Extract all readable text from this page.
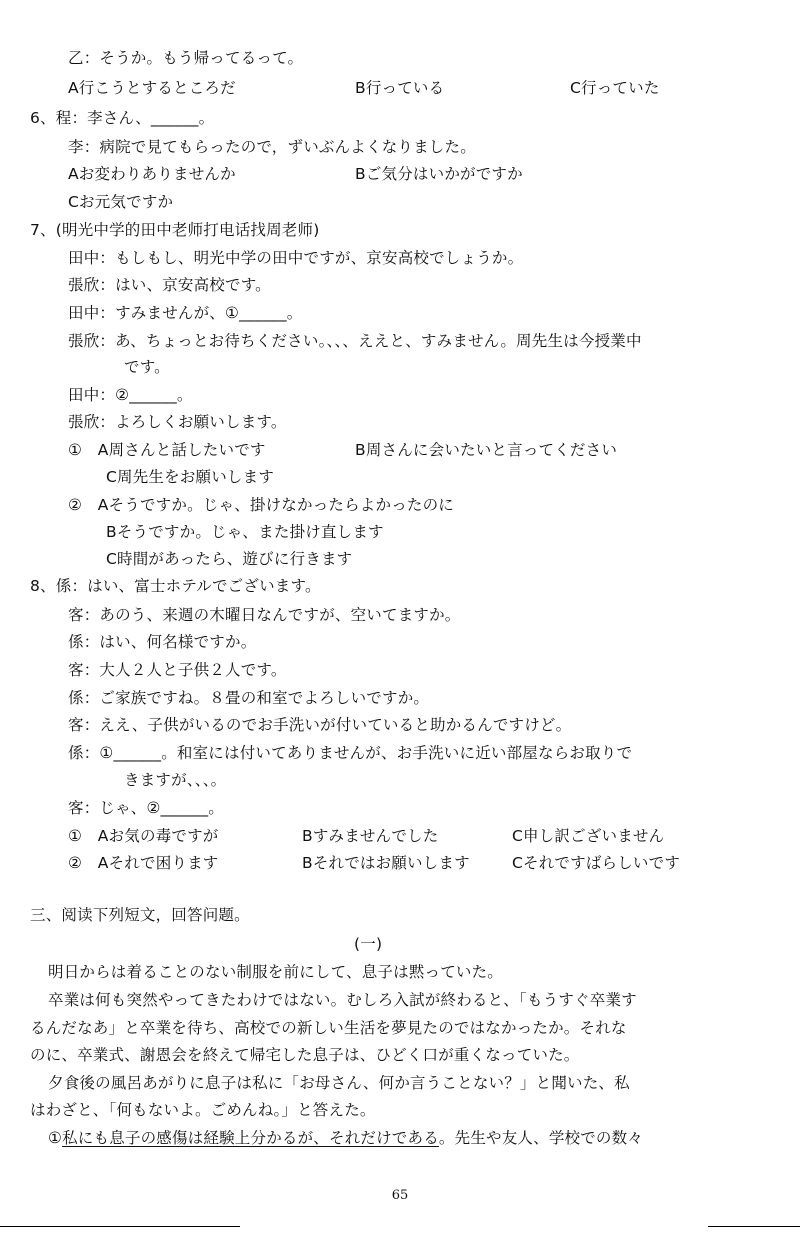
乙：そうか。もう帰ってるって。
A行こうとするところだ	B行っている	C行っていた
6、程：李さん、______。
李：病院で見てもらったので，ずいぶんよくなりました。
Aお変わりありませんか	Bご気分はいかがですか
Cお元気ですか
7、(明光中学的田中老师打电话找周老师)
田中：もしもし、明光中学の田中ですが、京安高校でしょうか。
張欣：はい、京安高校です。
田中：すみませんが、①______。
張欣：あ、ちょっとお待ちください。、、、ええと、すみません。周先生は今授業中
です。
田中：②______。
張欣：よろしくお願いします。
①　A周さんと話したいです	B周さんに会いたいと言ってください
C周先生をお願いします
②　Aそうですか。じゃ、掛けなかったらよかったのに
Bそうですか。じゃ、また掛け直します
C時間があったら、遊びに行きます
8、係：はい、富士ホテルでございます。
客：あのう、来週の木曜日なんですが、空いてますか。
係：はい、何名様ですか。
客：大人２人と子供２人です。
係：ご家族ですね。８畳の和室でよろしいですか。
客：ええ、子供がいるのでお手洗いが付いていると助かるんですけど。
係：①______。和室には付いてありませんが、お手洗いに近い部屋ならお取りで
きますが、、、。
客：じゃ、②______。
①　Aお気の毒ですが	Bすみませんでした	C申し訳ございません
②　Aそれで困ります	Bそれではお願いします	Cそれですばらしいです
三、阅读下列短文，回答问题。
(一)
明日からは着ることのない制服を前にして、息子は黙っていた。
卒業は何も突然やってきたわけではない。むしろ入試が終わると、「もうすぐ卒業す
るんだなあ」と卒業を待ち、高校での新しい生活を夢見たのではなかったか。それな
のに、卒業式、謝恩会を終えて帰宅した息子は、ひどく口が重くなっていた。
夕食後の風呂あがりに息子は私に「お母さん、何か言うことない？」と聞いた、私
はわざと、「何もないよ。ごめんね。」と答えた。
①私にも息子の感傷は経験上分かるが、それだけである。先生や友人、学校での数々
65
